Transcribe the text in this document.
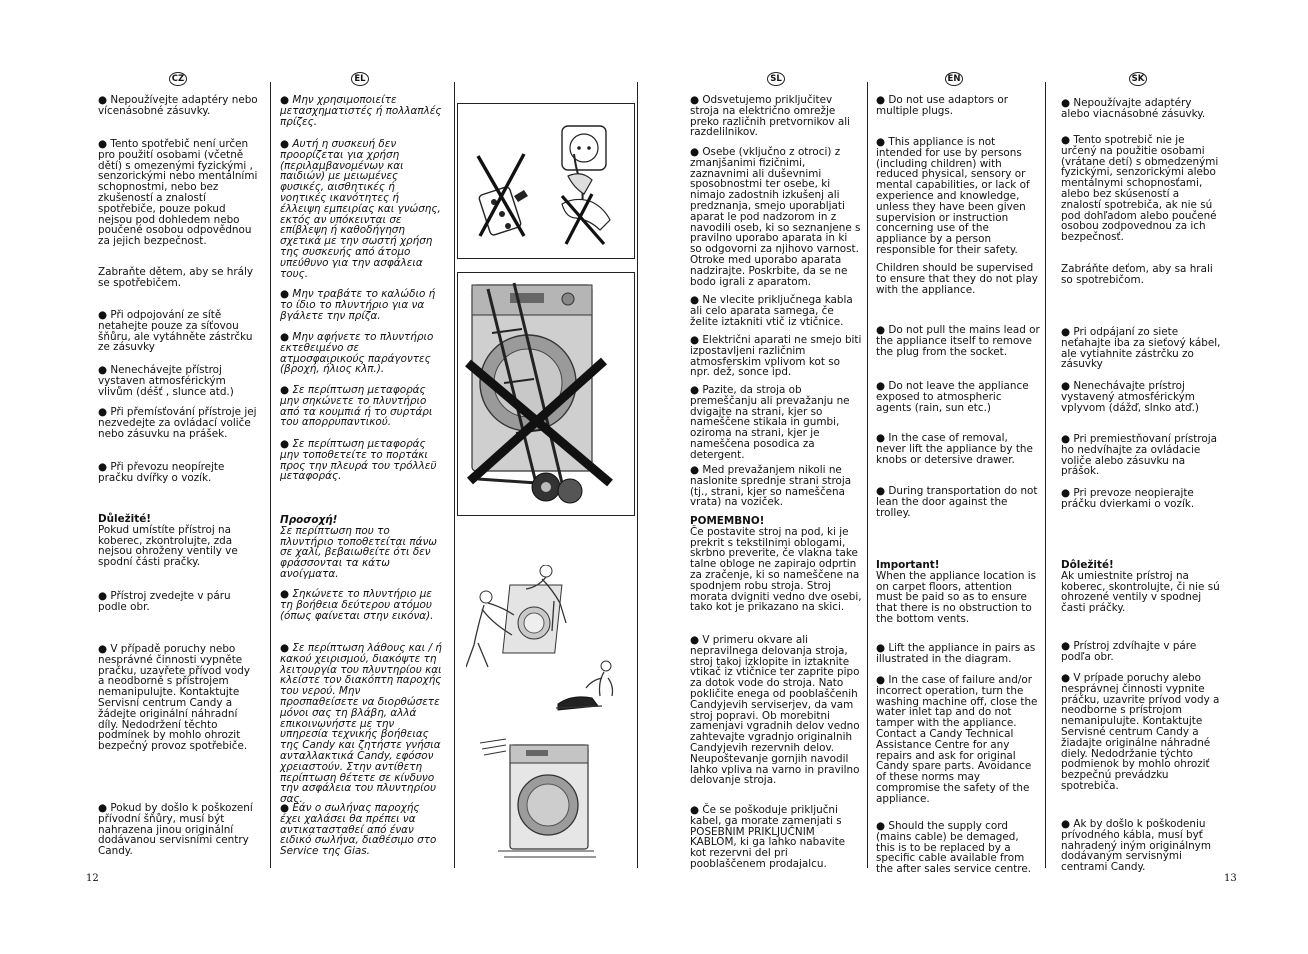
CZ	EL	SL	EN	SK

● Nepoužívejte adaptéry nebo vícenásobné zásuvky.

● Tento spotřebič není určen pro použití osobami (včetně dětí) s omezenými fyzickými , senzorickými nebo mentálními schopnostmi, nebo bez zkušeností a znalostí spotřebiče, pouze pokud nejsou pod dohledem nebo poučené osobou odpovědnou za jejich bezpečnost.

Zabraňte dětem, aby se hrály se spotřebičem.

● Při odpojování ze sítě netahejte pouze za síťovou šňůru, ale vytáhněte zástrčku ze zásuvky

● Nenechávejte přístroj vystaven atmosférickým vlivům (déšť , slunce atd.)

● Při přemísťování přístroje jej nezvedejte za ovládací voliče nebo zásuvku na prášek.

● Při převozu neopírejte pračku dvířky o vozík.

Důležité!
Pokud umístíte přístroj na koberec, zkontrolujte, zda nejsou ohroženy ventily ve spodní části pračky.

● Přístroj zvedejte v páru podle obr.

● V případě poruchy nebo nesprávné činnosti vypněte pračku, uzavřete přívod vody a neodborně s přístrojem nemanipulujte. Kontaktujte Servisní centrum Candy a žádejte originální náhradní díly. Nedodržení těchto podmínek by mohlo ohrozit bezpečný provoz spotřebiče.

● Pokud by došlo k poškození přívodní šňůry, musí být nahrazena jinou originální dodávanou servisními centry Candy.

● Μην χρησιμοποιείτε μετασχηματιστές ή πολλαπλές πρίζες.

● Αυτή η συσκευή δεν προορίζεται για χρήση (περιλαμβανομένων και παιδιών) με μειωμένες φυσικές, αισθητικές ή νοητικές ικανότητες ή έλλειψη εμπειρίας και γνώσης, εκτός αν υπόκεινται σε επίβλεψη ή καθοδήγηση σχετικά με την σωστή χρήση της συσκευής από άτομο υπεύθυνο για την ασφάλεια τους.

● Μην τραβάτε το καλώδιο ή το ίδιο το πλυντήριο για να βγάλετε την πρίζα.

● Μην αφήνετε το πλυντήριο εκτεθειμένο σε ατμοσφαιρικούς παράγοντες (βροχή, ήλιος κλπ.).

● Σε περίπτωση μεταφοράς μην σηκώνετε το πλυντήριο από τα κουμπιά ή το συρτάρι του απορρυπαντικού.

● Σε περίπτωση μεταφοράς μην τοποθετείτε το πορτάκι προς την πλευρά του τρόλλεϋ μεταφοράς.

Προσοχή!
Σε περίπτωση που το πλυντήριο τοποθετείται πάνω σε χαλί, βεβαιωθείτε ότι δεν φράσσονται τα κάτω ανοίγματα.

● Σηκώνετε το πλυντήριο με τη βοήθεια δεύτερου ατόμου (όπως φαίνεται στην εικόνα).

● Σε περίπτωση λάθους και / ή κακού χειρισμού, διακόψτε τη λειτουργία του πλυντηρίου και κλείστε τον διακόπτη παροχής του νερού. Μην προσπαθείσετε να διορθώσετε μόνοι σας τη βλάβη, αλλά επικοινωνήστε με την υπηρεσία τεχνικής βοήθειας της Candy και ζητήστε γνήσια ανταλλακτικά Candy, εφόσον χρειαστούν. Στην αντίθετη περίπτωση θέτετε σε κίνδυνο την ασφάλεια του πλυντηρίου σας.

● Εάν ο σωλήνας παροχής έχει χαλάσει θα πρέπει να αντικατασταθεί από έναν ειδικό σωλήνα, διαθέσιμο στο Service της Gias.

● Odsvetujemo priključitev stroja na električno omrežje preko različnih pretvornikov ali razdelilnikov.

● Osebe (vključno z otroci) z zmanjšanimi fizičnimi, zaznavnimi ali duševnimi sposobnostmi ter osebe, ki nimajo zadostnih izkušenj ali predznanja, smejo uporabljati aparat le pod nadzorom in z navodili oseb, ki so seznanjene s pravilno uporabo aparata in ki so odgovorni za njihovo varnost.

Otroke med uporabo aparata nadzirajte. Poskrbite, da se ne bodo igrali z aparatom.

● Ne vlecite priključnega kabla ali celo aparata samega, če želite iztakniti vtič iz vtičnice.

● Električni aparati ne smejo biti izpostavljeni različnim atmosferskim vplivom kot so npr. dež, sonce ipd.

● Pazite, da stroja ob premeščanju ali prevažanju ne dvigajte na strani, kjer so nameščene stikala in gumbi, oziroma na strani, kjer je nameščena posodica za detergent.

● Med prevažanjem nikoli ne naslonite sprednje strani stroja (tj., strani, kjer so nameščena vrata) na voziček.

POMEMBNO!
Če postavite stroj na pod, ki je prekrit s tekstilnimi oblogami, skrbno preverite, če vlakna take talne obloge ne zapirajo odprtin za zračenje, ki so nameščene na spodnjem robu stroja. Stroj morata dvigniti vedno dve osebi, tako kot je prikazano na skici.

● V primeru okvare ali nepravilnega delovanja stroja, stroj takoj izklopite in iztaknite vtikač iz vtičnice ter zaprite pipo za dotok vode do stroja. Nato pokličite enega od pooblaščenih Candyjevih serviserjev, da vam stroj popravi. Ob morebitni zamenjavi vgradnih delov vedno zahtevajte vgradnjo originalnih Candyjevih rezervnih delov. Neupoštevanje gornjih navodil lahko vpliva na varno in pravilno delovanje stroja.

● Če se poškoduje priključni kabel, ga morate zamenjati s POSEBNIM PRIKLJUČNIM KABLOM, ki ga lahko nabavite kot rezervni del pri pooblaščenem prodajalcu.

● Do not use adaptors or multiple plugs.

● This appliance is not intended for use by persons (including children) with reduced physical, sensory or mental capabilities, or lack of experience and knowledge, unless they have been given supervision or instruction concerning use of the appliance by a person responsible for their safety.

Children should be supervised to ensure that they do not play with the appliance.

● Do not pull the mains lead or the appliance itself to remove the plug from the socket.

● Do not leave the appliance exposed to atmospheric agents (rain, sun etc.)

● In the case of removal, never lift the appliance by the knobs or detersive drawer.

● During transportation do not lean the door against the trolley.

Important!
When the appliance location is on carpet floors, attention must be paid so as to ensure that there is no obstruction to the bottom vents.

● Lift the appliance in pairs as illustrated in the diagram.

● In the case of failure and/or incorrect operation, turn the washing machine off, close the water inlet tap and do not tamper with the appliance. Contact a Candy Technical Assistance Centre for any repairs and ask for original Candy spare parts. Avoidance of these norms may compromise the safety of the appliance.

● Should the supply cord (mains cable) be demaged, this is to be replaced by a specific cable available from the after sales service centre.

● Nepoužívajte adaptéry alebo viacnásobné zásuvky.

● Tento spotrebič nie je určený na použitie osobami (vrátane detí) s obmedzenými fyzickými, senzorickými alebo mentálnymi schopnosťami, alebo bez skúseností a znalostí spotrebiča, ak nie sú pod dohľadom alebo poučené osobou zodpovednou za ich bezpečnosť.

Zabráňte deťom, aby sa hrali so spotrebičom.

● Pri odpájaní zo siete neťahajte iba za sieťový kábel, ale vytiahnite zástrčku zo zásuvky

● Nenechávajte prístroj vystavený atmosférickým vplyvom (dážď, slnko atď.)

● Pri premiestňovaní prístroja ho nedvíhajte za ovládacie voliče alebo zásuvku na prášok.

● Pri prevoze neopierajte práčku dvierkami o vozík.

Dôležité!
Ak umiestnite prístroj na koberec, skontrolujte, či nie sú ohrozené ventily v spodnej časti práčky.

● Prístroj zdvíhajte v páre podľa obr.

● V prípade poruchy alebo nesprávnej činnosti vypnite práčku, uzavrite prívod vody a neodborne s prístrojom nemanipulujte. Kontaktujte Servisné centrum Candy a žiadajte originálne náhradné diely. Nedodržanie týchto podmienok by mohlo ohroziť bezpečnú prevádzku spotrebiča.

● Ak by došlo k poškodeniu prívodného kábla, musí byť nahradený iným originálnym dodávaným servisnými centrami Candy.

12	13
